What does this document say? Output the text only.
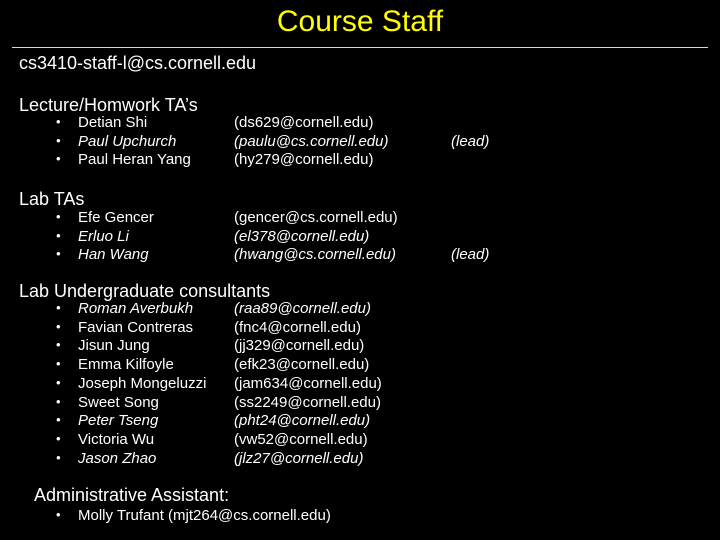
Course Staff
cs3410-staff-l@cs.cornell.edu
Lecture/Homwork TA’s
• Detian Shi	(ds629@cornell.edu)
• Paul Upchurch	(paulu@cs.cornell.edu)	(lead)
• Paul Heran Yang	(hy279@cornell.edu)
Lab TAs
• Efe Gencer	(gencer@cs.cornell.edu)
• Erluo Li	(el378@cornell.edu)
• Han Wang	(hwang@cs.cornell.edu)	(lead)
Lab Undergraduate consultants
• Roman Averbukh	(raa89@cornell.edu)
• Favian Contreras	(fnc4@cornell.edu)
• Jisun Jung	(jj329@cornell.edu)
• Emma Kilfoyle	(efk23@cornell.edu)
• Joseph Mongeluzzi (jam634@cornell.edu)
• Sweet Song	(ss2249@cornell.edu)
• Peter Tseng	(pht24@cornell.edu)
• Victoria Wu	(vw52@cornell.edu)
• Jason Zhao	(jlz27@cornell.edu)
Administrative Assistant:
• Molly Trufant (mjt264@cs.cornell.edu)
